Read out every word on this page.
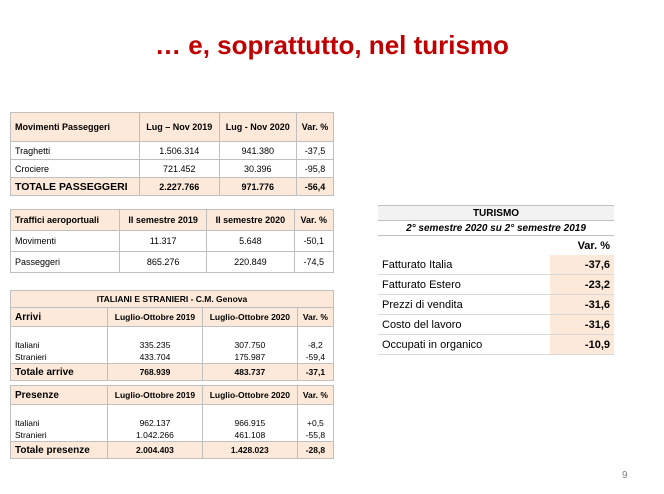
… e, soprattutto, nel turismo
Movimenti Passeggeri	Lug – Nov 2019	Lug - Nov 2020	Var. %
Traghetti	1.506.314	941.380	-37,5
Crociere	721.452	30.396	-95,8
TOTALE PASSEGGERI	2.227.766	971.776	-56,4
Traffici aeroportuali	II semestre 2019	II semestre 2020	Var. %
Movimenti	11.317	5.648	-50,1
Passeggeri	865.276	220.849	-74,5
ITALIANI E STRANIERI - C.M. Genova			
Arrivi	Luglio-Ottobre 2019	Luglio-Ottobre 2020	Var. %

Italiani	335.235	307.750	-8,2
Stranieri	433.704	175.987	-59,4
Totale arrive	768.939	483.737	-37,1

Presenze	Luglio-Ottobre 2019	Luglio-Ottobre 2020	Var. %

Italiani	962.137	966.915	+0,5
Stranieri	1.042.266	461.108	-55,8
Totale presenze	2.004.403	1.428.023	-28,8
TURISMO	
2° semestre 2020 su 2° semestre 2019	
	Var. %
Fatturato Italia	-37,6
Fatturato Estero	-23,2
Prezzi di vendita	-31,6
Costo del lavoro	-31,6
Occupati in organico	-10,9
9
